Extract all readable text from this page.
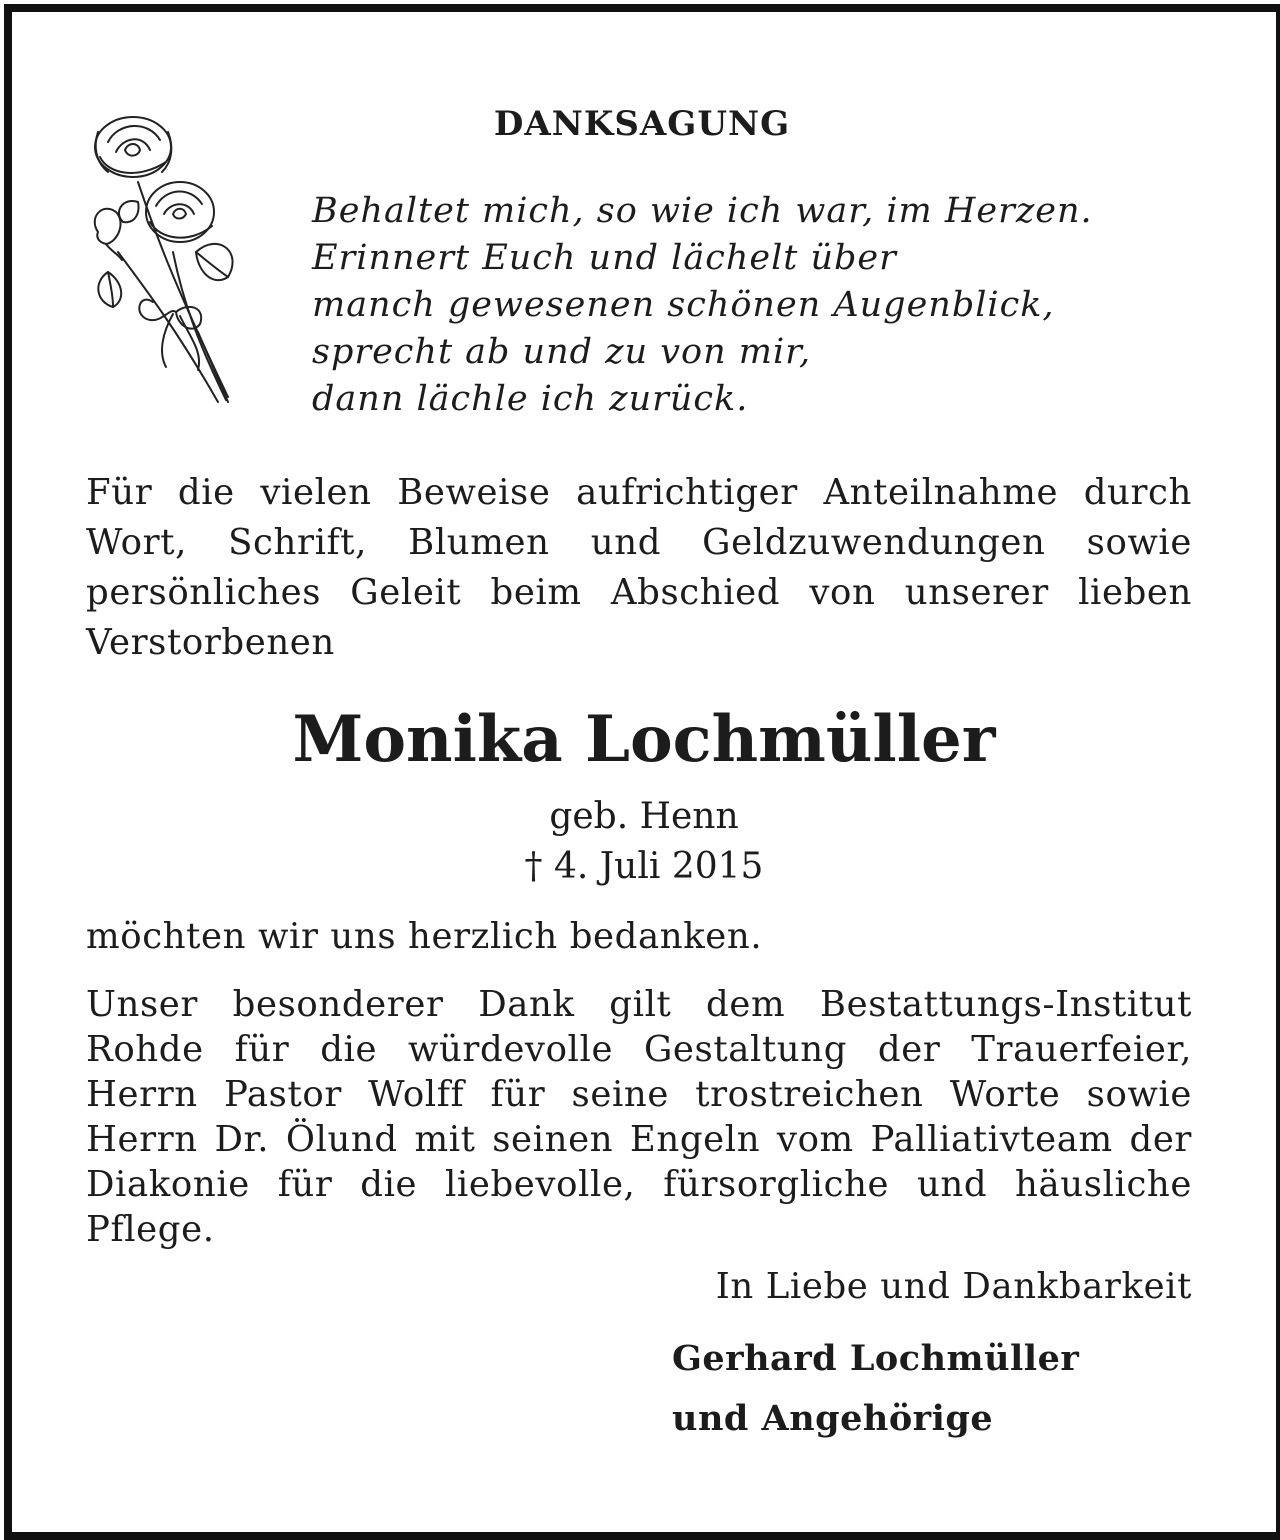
DANKSAGUNG
Behaltet mich, so wie ich war, im Herzen.
Erinnert Euch und lächelt über
manch gewesenen schönen Augenblick,
sprecht ab und zu von mir,
dann lächle ich zurück.
Für die vielen Beweise aufrichtiger Anteilnahme durch Wort, Schrift, Blumen und Geldzuwendungen sowie persönliches Geleit beim Abschied von unserer lieben Verstorbenen
Monika Lochmüller
geb. Henn
† 4. Juli 2015
möchten wir uns herzlich bedanken.
Unser besonderer Dank gilt dem Bestattungs-Institut Rohde für die würdevolle Gestaltung der Trauerfeier, Herrn Pastor Wolff für seine trostreichen Worte sowie Herrn Dr. Ölund mit seinen Engeln vom Palliativteam der Diakonie für die liebevolle, fürsorgliche und häusliche Pflege.
In Liebe und Dankbarkeit
Gerhard Lochmüller
und Angehörige
